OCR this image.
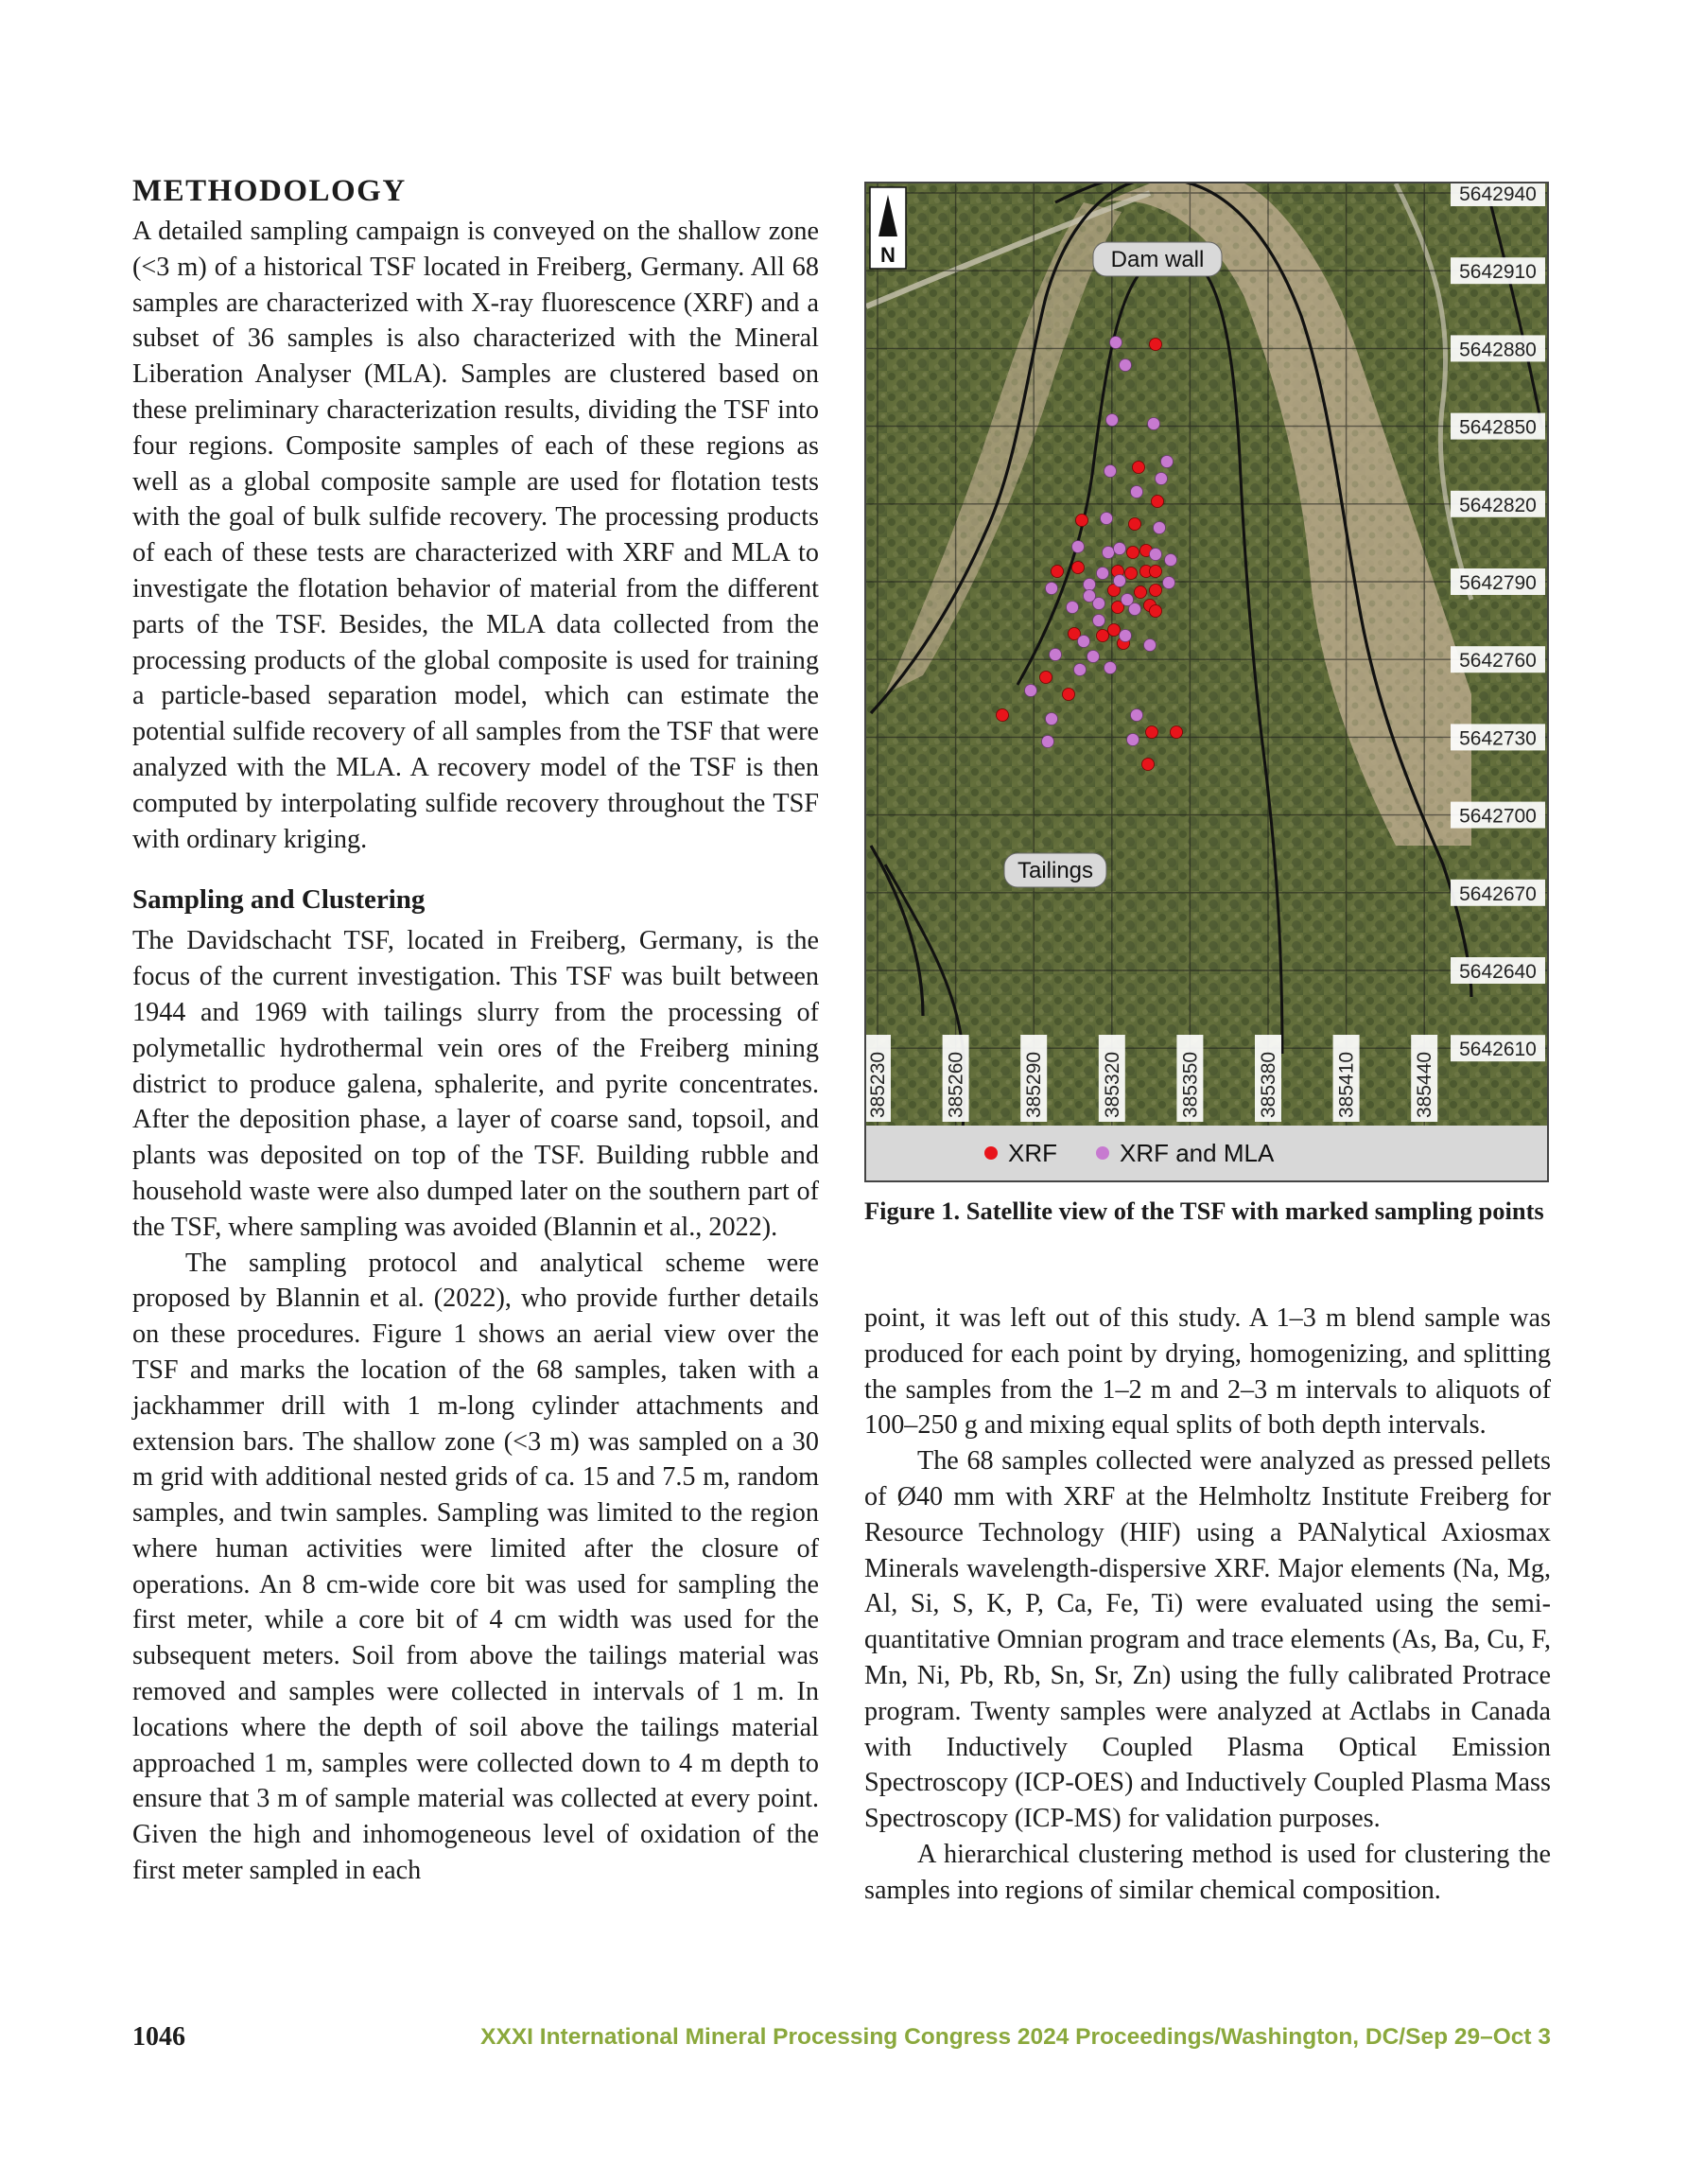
METHODOLOGY

A detailed sampling campaign is conveyed on the shallow zone (<3 m) of a historical TSF located in Freiberg, Germany. All 68 samples are characterized with X-ray fluorescence (XRF) and a subset of 36 samples is also characterized with the Mineral Liberation Analyser (MLA). Samples are clustered based on these preliminary characterization results, dividing the TSF into four regions. Composite samples of each of these regions as well as a global composite sample are used for flotation tests with the goal of bulk sulfide recovery. The processing products of each of these tests are characterized with XRF and MLA to investigate the flotation behavior of material from the different parts of the TSF. Besides, the MLA data collected from the processing products of the global composite is used for training a particle-based separation model, which can estimate the potential sulfide recovery of all samples from the TSF that were analyzed with the MLA. A recovery model of the TSF is then computed by interpolating sulfide recovery throughout the TSF with ordinary kriging.

Sampling and Clustering

The Davidschacht TSF, located in Freiberg, Germany, is the focus of the current investigation. This TSF was built between 1944 and 1969 with tailings slurry from the processing of polymetallic hydrothermal vein ores of the Freiberg mining district to produce galena, sphalerite, and pyrite concentrates. After the deposition phase, a layer of coarse sand, topsoil, and plants was deposited on top of the TSF. Building rubble and household waste were also dumped later on the southern part of the TSF, where sampling was avoided (Blannin et al., 2022).

The sampling protocol and analytical scheme were proposed by Blannin et al. (2022), who provide further details on these procedures. Figure 1 shows an aerial view over the TSF and marks the location of the 68 samples, taken with a jackhammer drill with 1 m-long cylinder attachments and extension bars. The shallow zone (<3 m) was sampled on a 30 m grid with additional nested grids of ca. 15 and 7.5 m, random samples, and twin samples. Sampling was limited to the region where human activities were limited after the closure of operations. An 8 cm-wide core bit was used for sampling the first meter, while a core bit of 4 cm width was used for the subsequent meters. Soil from above the tailings material was removed and samples were collected in intervals of 1 m. In locations where the depth of soil above the tailings material approached 1 m, samples were collected down to 4 m depth to ensure that 3 m of sample material was collected at every point. Given the high and inhomogeneous level of oxidation of the first meter sampled in each

N	Dam wall
Tailings
5642940
5642910
5642880
5642850
5642820
5642790
5642760
5642730
5642700
5642670
5642640
5642610
385230	385260	385290	385320	385350	385380	385410	385440
XRF	XRF and MLA
Figure 1. Satellite view of the TSF with marked sampling points

point, it was left out of this study. A 1–3 m blend sample was produced for each point by drying, homogenizing, and splitting the samples from the 1–2 m and 2–3 m intervals to aliquots of 100–250 g and mixing equal splits of both depth intervals.

The 68 samples collected were analyzed as pressed pellets of Ø40 mm with XRF at the Helmholtz Institute Freiberg for Resource Technology (HIF) using a PANalytical Axiosmax Minerals wavelength-dispersive XRF. Major elements (Na, Mg, Al, Si, S, K, P, Ca, Fe, Ti) were evaluated using the semi-quantitative Omnian program and trace elements (As, Ba, Cu, F, Mn, Ni, Pb, Rb, Sn, Sr, Zn) using the fully calibrated Protrace program. Twenty samples were analyzed at Actlabs in Canada with Inductively Coupled Plasma Optical Emission Spectroscopy (ICP-OES) and Inductively Coupled Plasma Mass Spectroscopy (ICP-MS) for validation purposes.

A hierarchical clustering method is used for clustering the samples into regions of similar chemical composition.

1046	XXXI International Mineral Processing Congress 2024 Proceedings/Washington, DC/Sep 29–Oct 3
